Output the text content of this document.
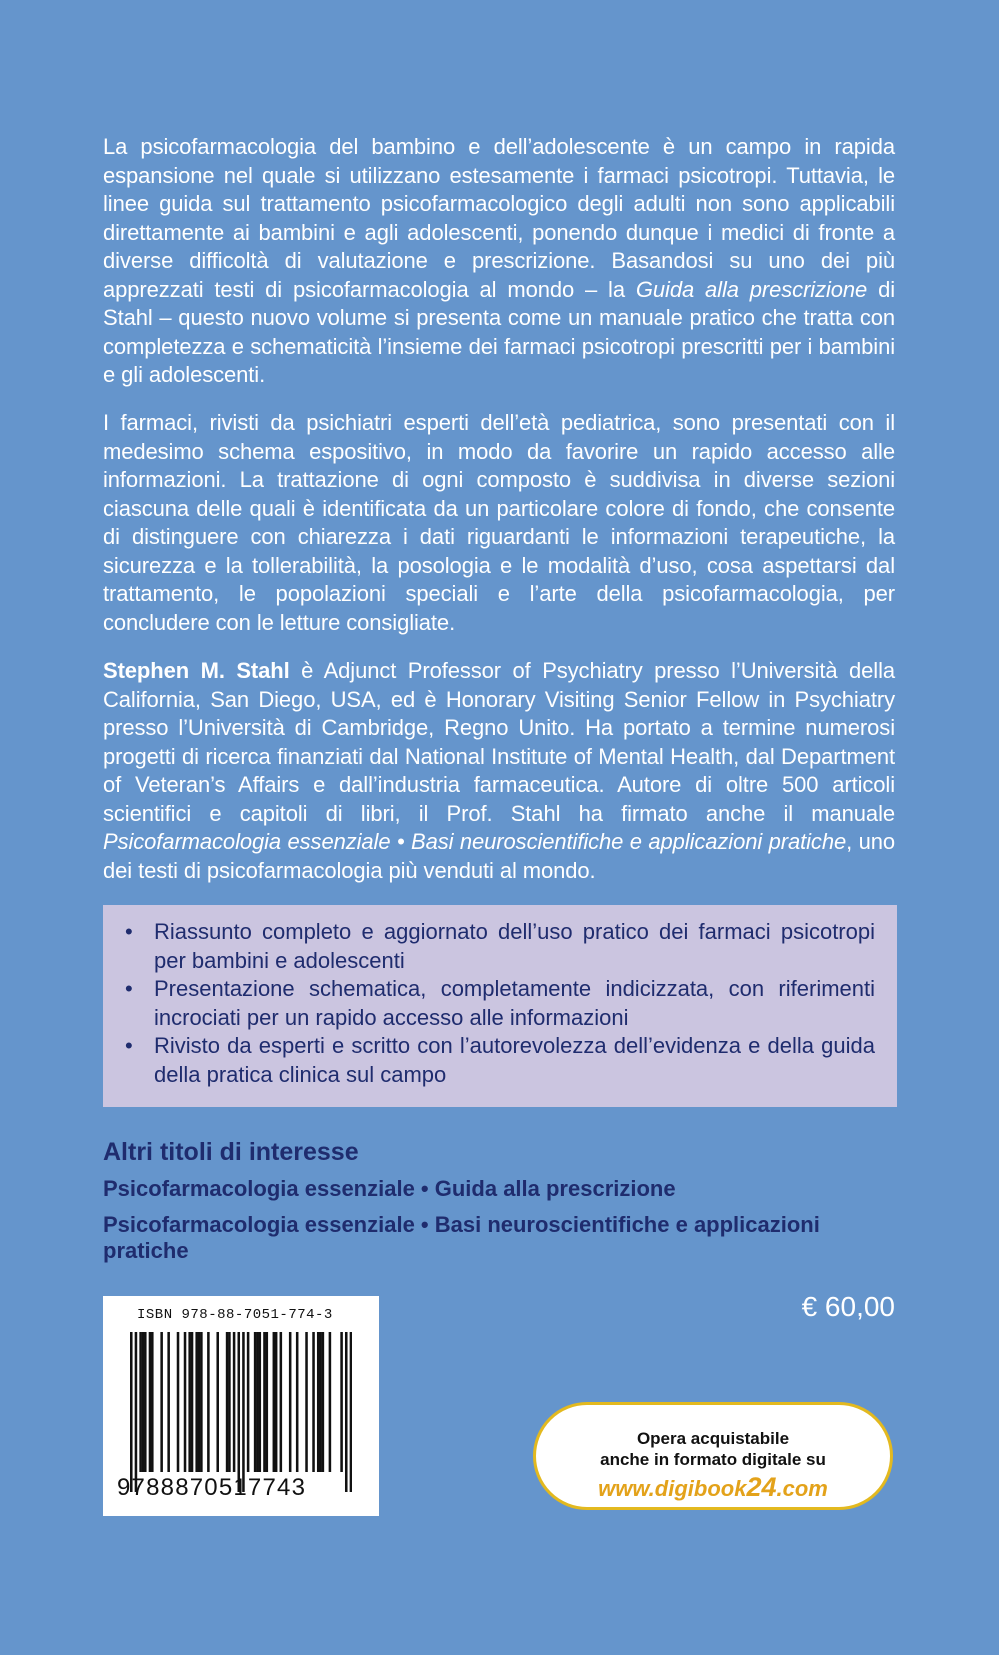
La psicofarmacologia del bambino e dell’adolescente è un campo in rapida espansione nel quale si utilizzano estesamente i farmaci psicotropi. Tuttavia, le linee guida sul trattamento psicofarmacologico degli adulti non sono applicabili direttamente ai bambini e agli adolescenti, ponendo dunque i medici di fronte a diverse difficoltà di valutazione e prescrizione. Basandosi su uno dei più apprezzati testi di psicofarmacologia al mondo – la Guida alla prescrizione di Stahl – questo nuovo volume si presenta come un manuale pratico che tratta con completezza e schematicità l’insieme dei farmaci psicotropi prescritti per i bambini e gli adolescenti.

I farmaci, rivisti da psichiatri esperti dell’età pediatrica, sono presentati con il medesimo schema espositivo, in modo da favorire un rapido accesso alle informazioni. La trattazione di ogni composto è suddivisa in diverse sezioni ciascuna delle quali è identificata da un particolare colore di fondo, che consente di distinguere con chiarezza i dati riguardanti le informazioni terapeutiche, la sicurezza e la tollerabilità, la posologia e le modalità d’uso, cosa aspettarsi dal trattamento, le popolazioni speciali e l’arte della psicofarmacologia, per concludere con le letture consigliate.

Stephen M. Stahl è Adjunct Professor of Psychiatry presso l’Università della California, San Diego, USA, ed è Honorary Visiting Senior Fellow in Psychiatry presso l’Università di Cambridge, Regno Unito. Ha portato a termine numerosi progetti di ricerca finanziati dal National Institute of Mental Health, dal Department of Veteran’s Affairs e dall’industria farmaceutica. Autore di oltre 500 articoli scientifici e capitoli di libri, il Prof. Stahl ha firmato anche il manuale Psicofarmacologia essenziale • Basi neuroscientifiche e applicazioni pratiche, uno dei testi di psicofarmacologia più venduti al mondo.

• Riassunto completo e aggiornato dell’uso pratico dei farmaci psicotropi per bambini e adolescenti
• Presentazione schematica, completamente indicizzata, con riferimenti incrociati per un rapido accesso alle informazioni
• Rivisto da esperti e scritto con l’autorevolezza dell’evidenza e della guida della pratica clinica sul campo
Altri titoli di interesse
Psicofarmacologia essenziale • Guida alla prescrizione
Psicofarmacologia essenziale • Basi neuroscientifiche e applicazioni pratiche
ISBN 978-88-7051-774-3
9788870517743
€ 60,00
Opera acquistabile
anche in formato digitale su
www.digibook24.com
